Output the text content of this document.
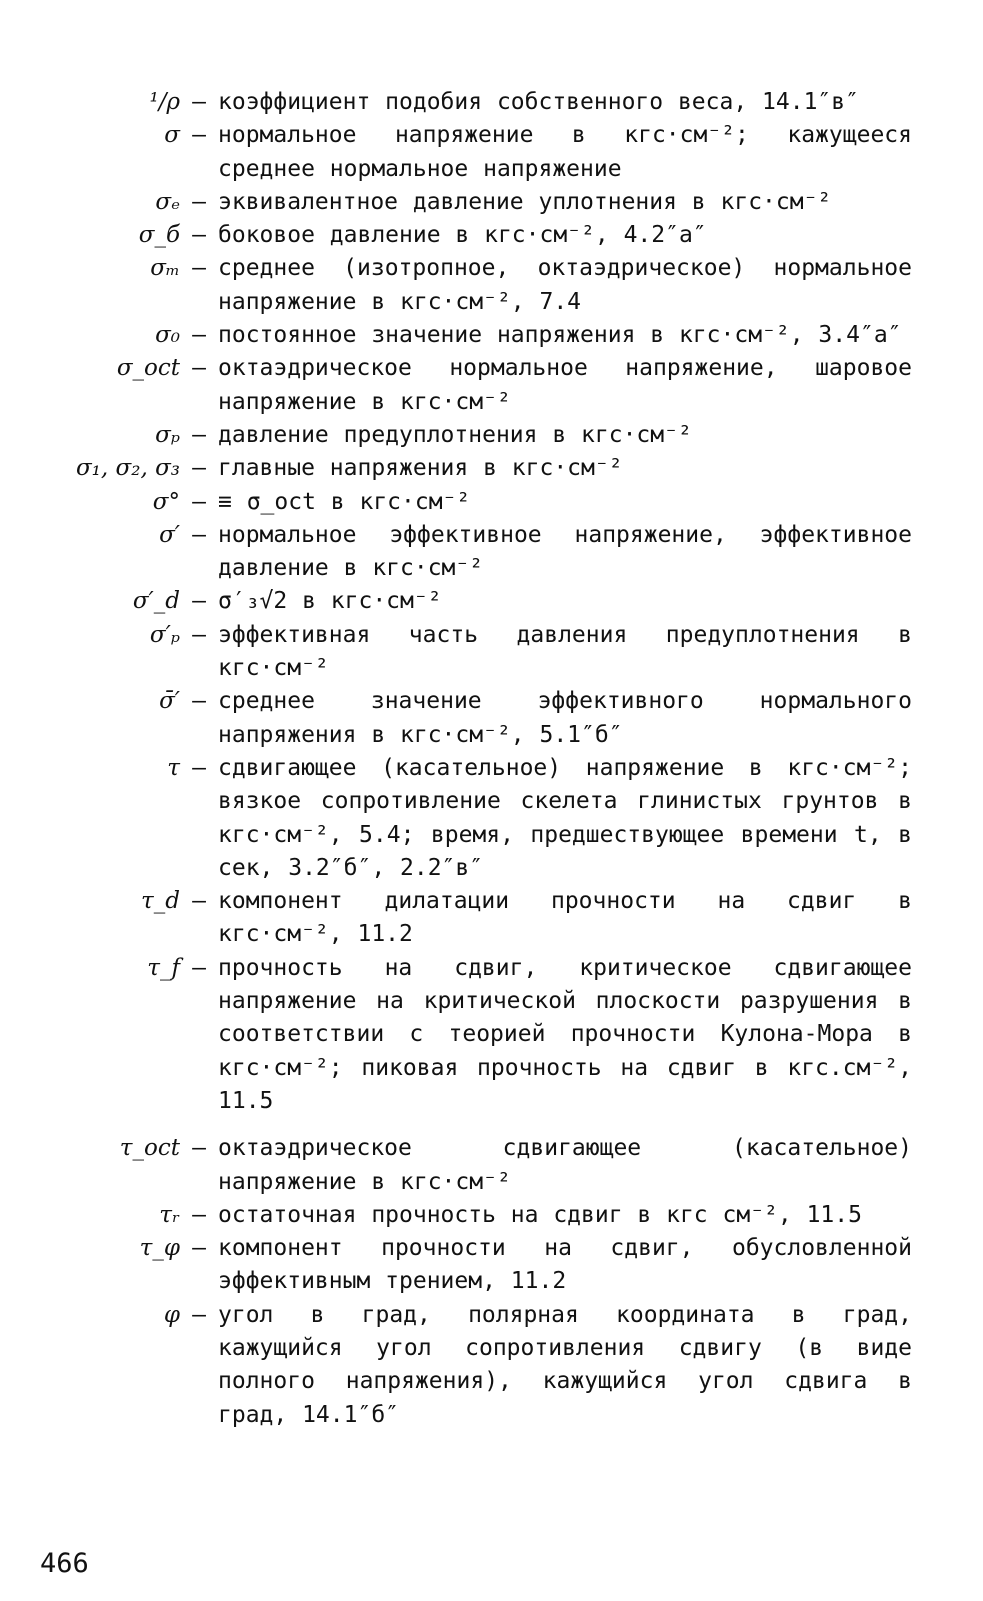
¹/ρ – коэффициент подобия собственного веса, 14.1″в″
σ – нормальное напряжение в кгс·см⁻²; кажущееся среднее нормальное напряжение
σₑ – эквивалентное давление уплотнения в кгс·см⁻²
σ_б – боковое давление в кгс·см⁻², 4.2″а″
σₘ – среднее (изотропное, октаэдрическое) нормальное напряжение в кгс·см⁻², 7.4
σ₀ – постоянное значение напряжения в кгс·см⁻², 3.4″а″
σ_oct – октаэдрическое нормальное напряжение, шаровое напряжение в кгс·см⁻²
σₚ – давление предуплотнения в кгс·см⁻²
σ₁, σ₂, σ₃ – главные напряжения в кгс·см⁻²
σ° – ≡ σ_oct в кгс·см⁻²
σ′ – нормальное эффективное напряжение, эффективное давление в кгс·см⁻²
σ′_d – σ′₃√2 в кгс·см⁻²
σ′ₚ – эффективная часть давления предуплотнения в кгс·см⁻²
σ̄′ – среднее значение эффективного нормального напряжения в кгс·см⁻², 5.1″б″
τ – сдвигающее (касательное) напряжение в кгс·см⁻²; вязкое сопротивление скелета глинистых грунтов в кгс·см⁻², 5.4; время, предшествующее времени t, в сек, 3.2″б″, 2.2″в″
τ_d – компонент дилатации прочности на сдвиг в кгс·см⁻², 11.2
τ_f – прочность на сдвиг, критическое сдвигающее напряжение на критической плоскости разрушения в соответствии с теорией прочности Кулона-Мора в кгс·см⁻²; пиковая прочность на сдвиг в кгс.см⁻², 11.5
τ_oct – октаэдрическое сдвигающее (касательное) напряжение в кгс·см⁻²
τᵣ – остаточная прочность на сдвиг в кгс см⁻², 11.5
τ_φ – компонент прочности на сдвиг, обусловленной эффективным трением, 11.2
φ – угол в град, полярная координата в град, кажущийся угол сопротивления сдвигу (в виде полного напряжения), кажущийся угол сдвига в град, 14.1″б″
466
